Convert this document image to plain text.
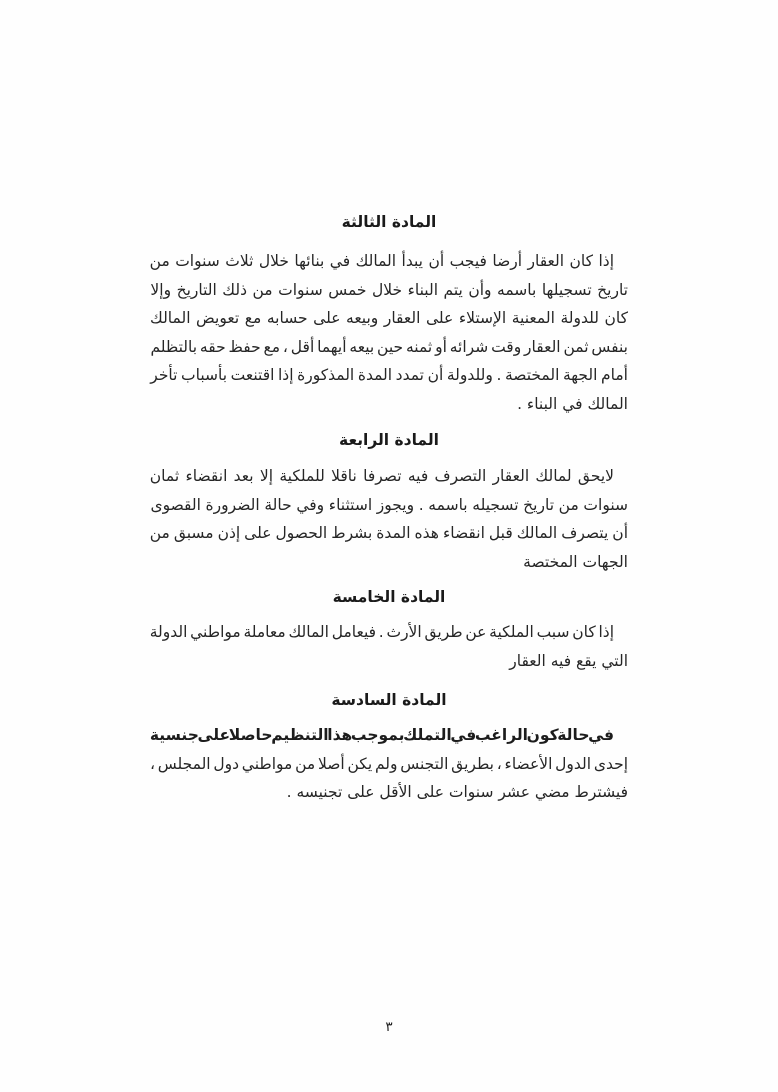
المادة الثالثة
إذا كان العقار أرضا فيجب أن يبدأ المالك في بنائها خلال ثلاث سنوات من
تاريخ تسجيلها باسمه وأن يتم البناء خلال خمس سنوات من ذلك التاريخ وإلا
كان للدولة المعنية الإستلاء على العقار وبيعه على حسابه مع تعويض المالك
بنفس ثمن العقار وقت شرائه أو ثمنه حين بيعه أيهما أقل ، مع حفظ حقه بالتظلم
أمام الجهة المختصة . وللدولة أن تمدد المدة المذكورة إذا اقتنعت بأسباب تأخر
المالك في البناء .
المادة الرابعة
لايحق لمالك العقار التصرف فيه تصرفا ناقلا للملكية إلا بعد انقضاء ثمان
سنوات من تاريخ تسجيله باسمه . ويجوز استثناء وفي حالة الضرورة القصوى
أن يتصرف المالك قبل انقضاء هذه المدة بشرط الحصول على إذن مسبق من
الجهات المختصة
المادة الخامسة
إذا كان سبب الملكية عن طريق الأرث . فيعامل المالك معاملة مواطني الدولة
التي يقع فيه العقار
المادة السادسة
في حالة كون الراغب في التملك بموجب هذا التنظيم حاصلا على جنسية
إحدى الدول الأعضاء ، بطريق التجنس ولم يكن أصلا من مواطني دول المجلس ،
فيشترط مضي عشر سنوات على الأقل على تجنيسه .
٣
